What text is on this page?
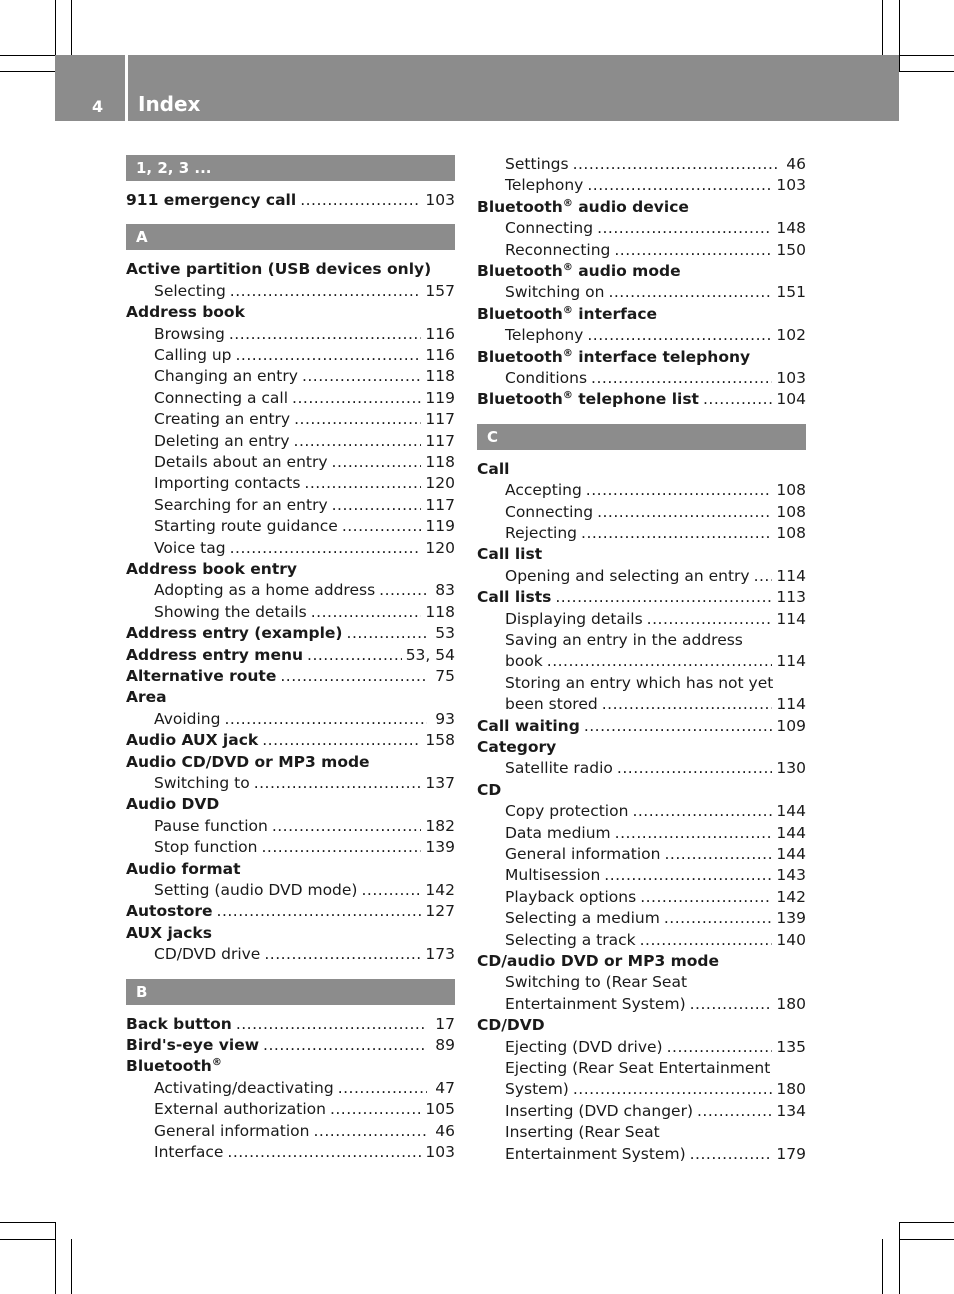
4 Index
1, 2, 3 ...
911 emergency call .....	103
A
Active partition (USB devices only)
Selecting .....	157
Address book
Browsing .....	116
Calling up .....	116
Changing an entry .....	118
Connecting a call .....	119
Creating an entry .....	117
Deleting an entry .....	117
Details about an entry .....	118
Importing contacts .....	120
Searching for an entry .....	117
Starting route guidance .....	119
Voice tag .....	120
Address book entry
Adopting as a home address .....	83
Showing the details .....	118
Address entry (example) .....	53
Address entry menu .....	53, 54
Alternative route .....	75
Area
Avoiding .....	93
Audio AUX jack .....	158
Audio CD/DVD or MP3 mode
Switching to .....	137
Audio DVD
Pause function .....	182
Stop function .....	139
Audio format
Setting (audio DVD mode) .....	142
Autostore .....	127
AUX jacks
CD/DVD drive .....	173
B
Back button .....	17
Bird's-eye view .....	89
Bluetooth®
Activating/deactivating .....	47
External authorization .....	105
General information .....	46
Interface .....	103
Settings .....	46
Telephony .....	103
Bluetooth® audio device
Connecting .....	148
Reconnecting .....	150
Bluetooth® audio mode
Switching on .....	151
Bluetooth® interface
Telephony .....	102
Bluetooth® interface telephony
Conditions .....	103
Bluetooth® telephone list .....	104
C
Call
Accepting .....	108
Connecting .....	108
Rejecting .....	108
Call list
Opening and selecting an entry ..... 114
Call lists .....	113
Displaying details .....	114
Saving an entry in the address
book .....	114
Storing an entry which has not yet
been stored .....	114
Call waiting .....	109
Category
Satellite radio .....	130
CD
Copy protection .....	144
Data medium .....	144
General information .....	144
Multisession .....	143
Playback options .....	142
Selecting a medium .....	139
Selecting a track .....	140
CD/audio DVD or MP3 mode
Switching to (Rear Seat
Entertainment System) .....	180
CD/DVD
Ejecting (DVD drive) .....	135
Ejecting (Rear Seat Entertainment
System) .....	180
Inserting (DVD changer) .....	134
Inserting (Rear Seat
Entertainment System) .....	179
